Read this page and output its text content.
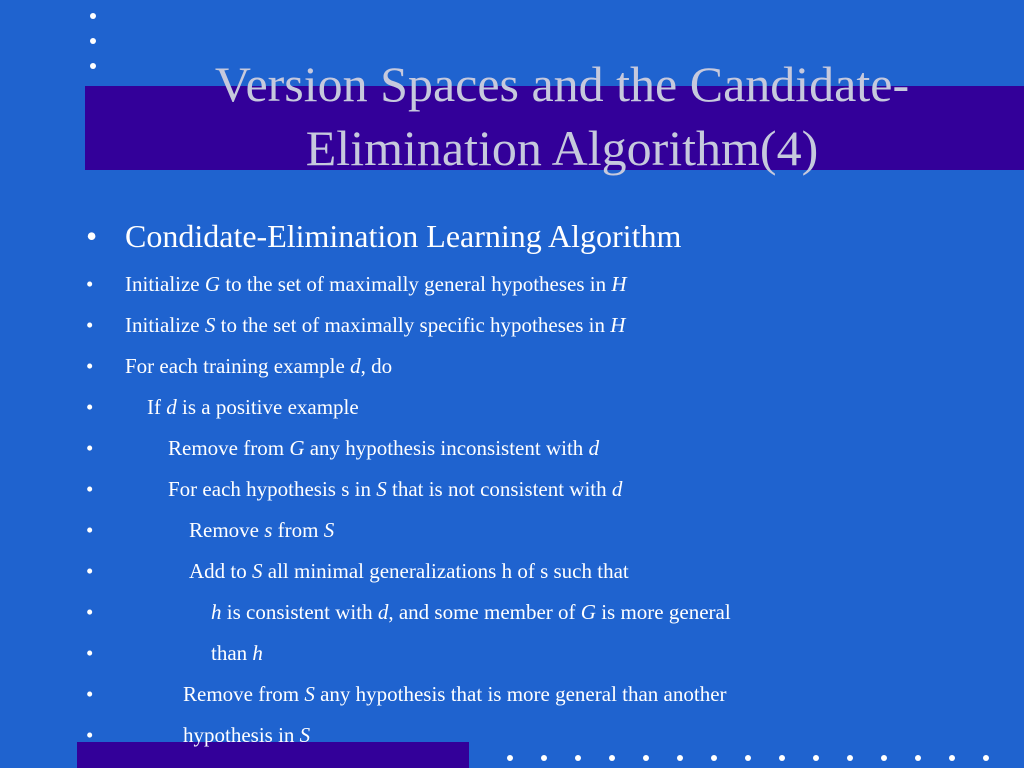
Version Spaces and the Candidate-
Elimination Algorithm(4)
• Condidate-Elimination Learning Algorithm
• Initialize G to the set of maximally general hypotheses in H
• Initialize S to the set of maximally specific hypotheses in H
• For each training example d, do
•	If d is a positive example
•	Remove from G any hypothesis inconsistent with d
•	For each hypothesis s in S that is not consistent with d
•	Remove s from S
•	Add to S all minimal generalizations h of s such that
•	h is consistent with d, and some member of G is more general
•	than h
•	Remove from S any hypothesis that is more general than another
•	hypothesis in S
